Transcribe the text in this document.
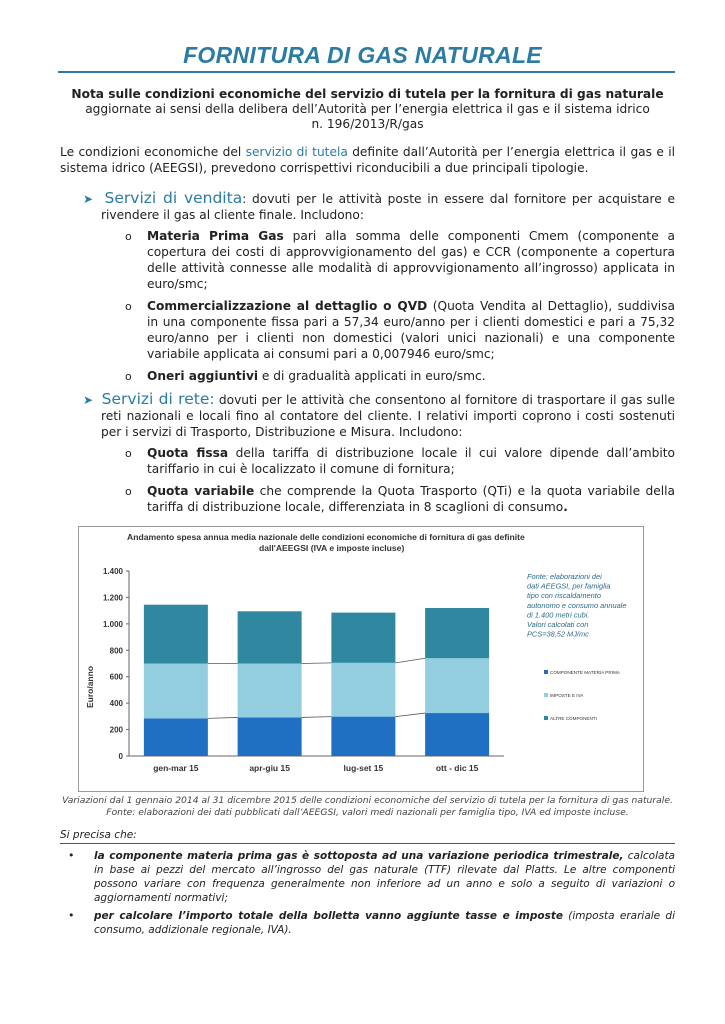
FORNITURA DI GAS NATURALE
Nota sulle condizioni economiche del servizio di tutela per la fornitura di gas naturale
aggiornate ai sensi della delibera dell’Autorità per l’energia elettrica il gas e il sistema idrico
n. 196/2013/R/gas

Le condizioni economiche del servizio di tutela definite dall’Autorità per l’energia elettrica il gas e il sistema idrico (AEEGSI), prevedono corrispettivi riconducibili a due principali tipologie.

➤ Servizi di vendita: dovuti per le attività poste in essere dal fornitore per acquistare e rivendere il gas al cliente finale. Includono:

o Materia Prima Gas pari alla somma delle componenti Cmem (componente a copertura dei costi di approvvigionamento del gas) e CCR (componente a copertura delle attività connesse alle modalità di approvvigionamento all’ingrosso) applicata in euro/smc;

o Commercializzazione al dettaglio o QVD (Quota Vendita al Dettaglio), suddivisa in una componente fissa pari a 57,34 euro/anno per i clienti domestici e pari a 75,32 euro/anno per i clienti non domestici (valori unici nazionali) e una componente variabile applicata ai consumi pari a 0,007946 euro/smc;

o Oneri aggiuntivi e di gradualità applicati in euro/smc.

➤ Servizi di rete: dovuti per le attività che consentono al fornitore di trasportare il gas sulle reti nazionali e locali fino al contatore del cliente. I relativi importi coprono i costi sostenuti per i servizi di Trasporto, Distribuzione e Misura. Includono:

o Quota fissa della tariffa di distribuzione locale il cui valore dipende dall’ambito tariffario in cui è localizzato il comune di fornitura;

o Quota variabile che comprende la Quota Trasporto (QTi) e la quota variabile della tariffa di distribuzione locale, differenziata in 8 scaglioni di consumo.

Andamento spesa annua media nazionale delle condizioni economiche di fornitura di gas definite
dall'AEEGSI (IVA e imposte incluse)
Euro/anno
0
200
400
600
800
1.000
1.200
1.400
gen-mar 15	apr-giu 15	lug-set 15	ott - dic 15
Fonte: elaborazioni dei
dati AEEGSI, per famiglia
tipo con riscaldamento
autonomo e consumo annuale
di 1.400 metri cubi.
Valori calcolati con
PCS=38,52 MJ/mc
COMPONENTE MATERIA PRIMA
IMPOSTE E IVA
ALTRE COMPONENTI
Variazioni dal 1 gennaio 2014 al 31 dicembre 2015 delle condizioni economiche del servizio di tutela per la fornitura di gas naturale.
Fonte: elaborazioni dei dati pubblicati dall’AEEGSI, valori medi nazionali per famiglia tipo, IVA ed imposte incluse.
Si precisa che:
• la componente materia prima gas è sottoposta ad una variazione periodica trimestrale, calcolata in base ai pezzi del mercato all’ingrosso del gas naturale (TTF) rilevate dal Platts. Le altre componenti possono variare con frequenza generalmente non inferiore ad un anno e solo a seguito di variazioni o aggiornamenti normativi;

• per calcolare l’importo totale della bolletta vanno aggiunte tasse e imposte (imposta erariale di consumo, addizionale regionale, IVA).
